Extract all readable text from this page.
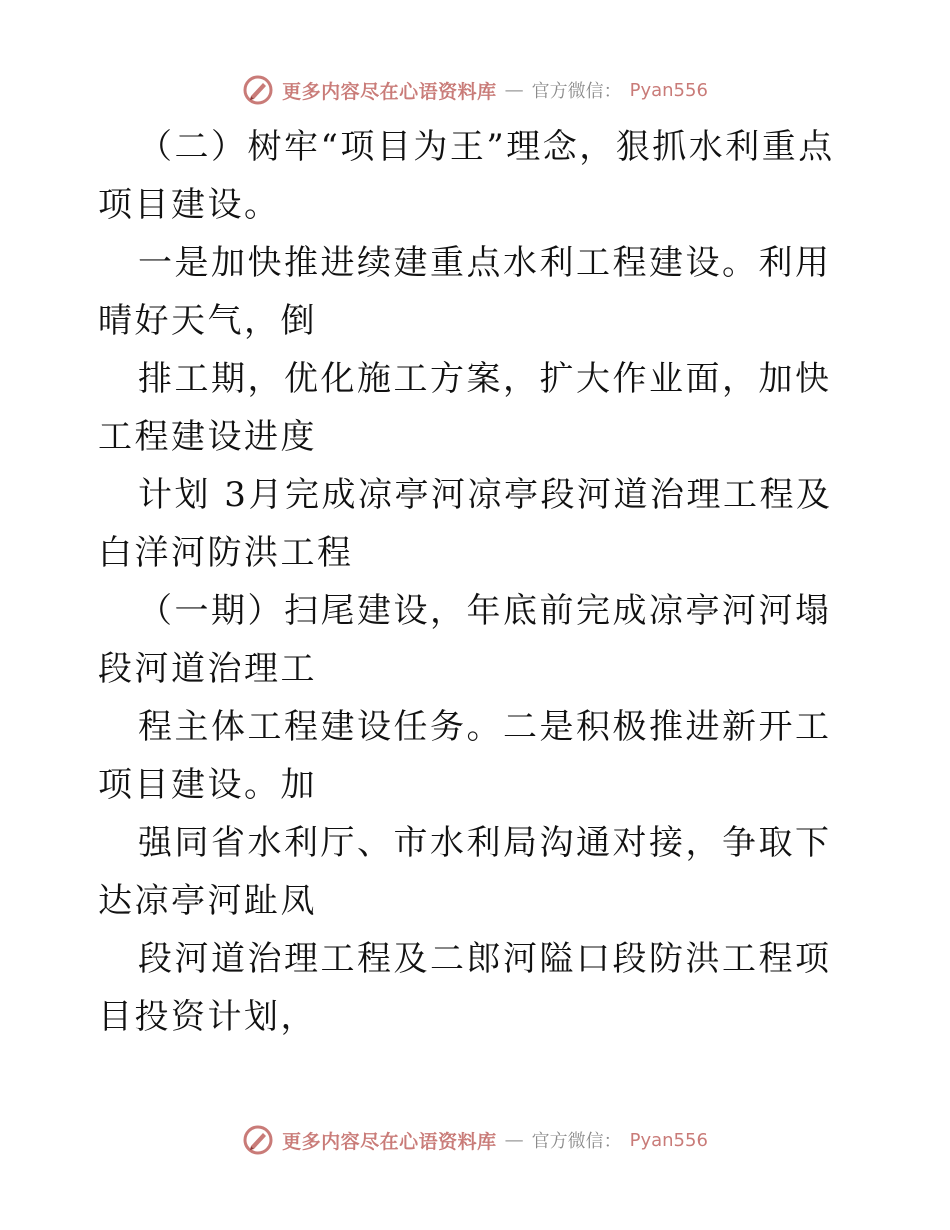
更多内容尽在心语资料库 — 官方微信： Pyan556

（二）树牢“项目为王”理念，狠抓水利重点项目建设。

一是加快推进续建重点水利工程建设。利用晴好天气，倒

排工期，优化施工方案，扩大作业面，加快工程建设进度

计划 3月完成凉亭河凉亭段河道治理工程及白洋河防洪工程

（一期）扫尾建设，年底前完成凉亭河河塌段河道治理工

程主体工程建设任务。二是积极推进新开工项目建设。加

强同省水利厅、市水利局沟通对接，争取下达凉亭河趾凤

段河道治理工程及二郎河隘口段防洪工程项目投资计划，

更多内容尽在心语资料库 — 官方微信： Pyan556
